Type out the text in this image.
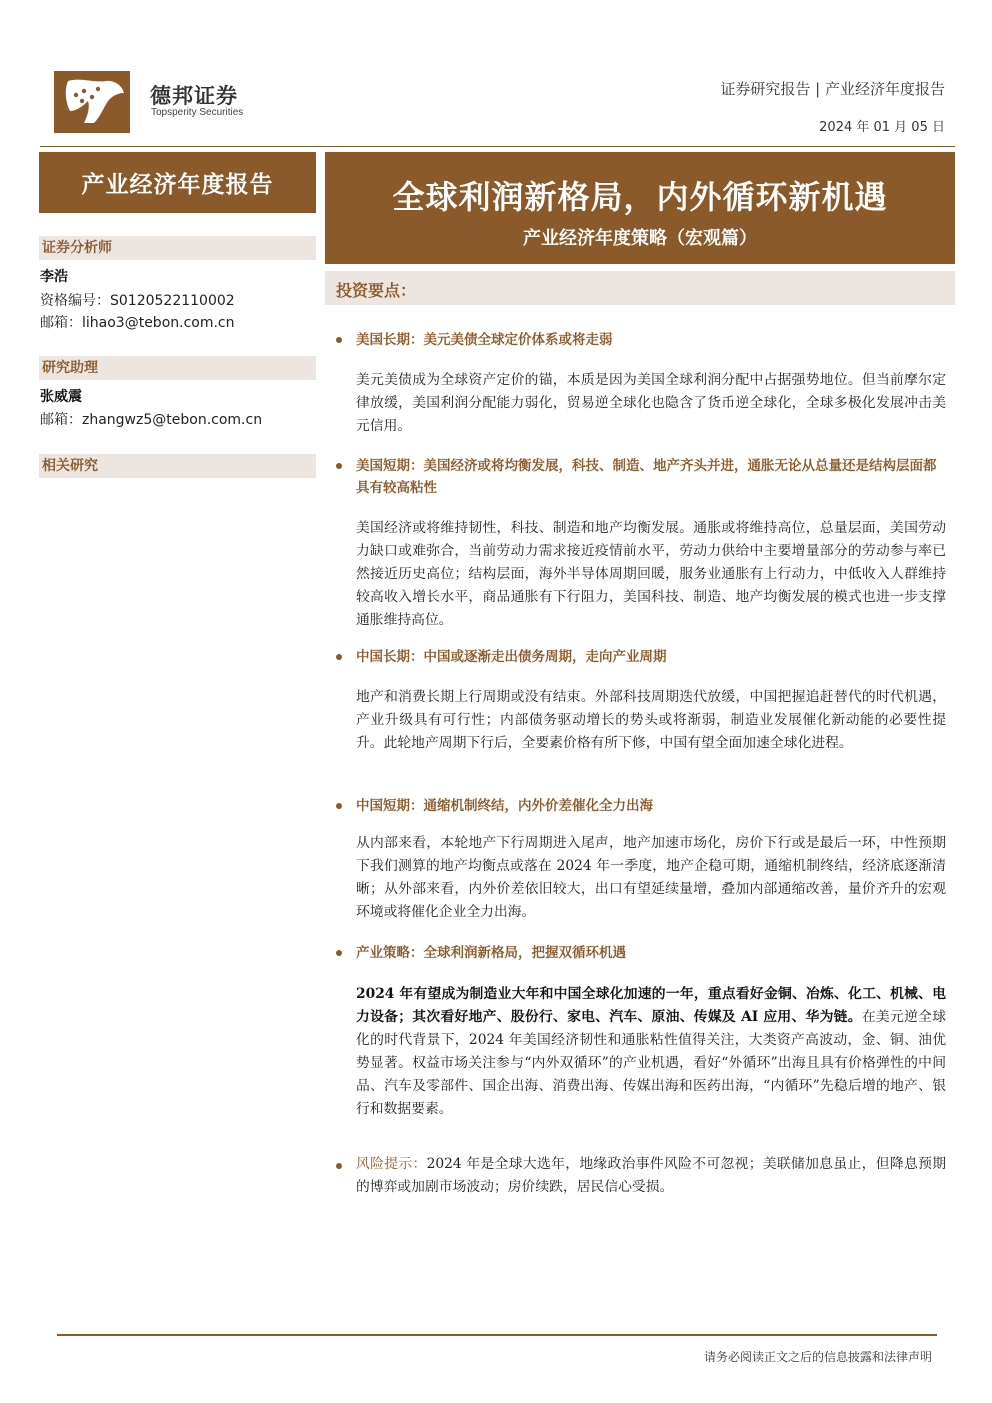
德邦证券
Topsperity Securities
证券研究报告 | 产业经济年度报告
2024 年 01 月 05 日
产业经济年度报告	全球利润新格局，内外循环新机遇
产业经济年度策略（宏观篇）
证券分析师
李浩
资格编号：S0120522110002
邮箱：lihao3@tebon.com.cn
研究助理
张威震
邮箱：zhangwz5@tebon.com.cn
相关研究
投资要点：
美国长期：美元美债全球定价体系或将走弱
美元美债成为全球资产定价的锚，本质是因为美国全球利润分配中占据强势地位。但当前摩尔定律放缓，美国利润分配能力弱化，贸易逆全球化也隐含了货币逆全球化，全球多极化发展冲击美元信用。
美国短期：美国经济或将均衡发展，科技、制造、地产齐头并进，通胀无论从总量还是结构层面都具有较高粘性
美国经济或将维持韧性，科技、制造和地产均衡发展。通胀或将维持高位，总量层面，美国劳动力缺口或难弥合，当前劳动力需求接近疫情前水平，劳动力供给中主要增量部分的劳动参与率已然接近历史高位；结构层面，海外半导体周期回暖，服务业通胀有上行动力，中低收入人群维持较高收入增长水平，商品通胀有下行阻力，美国科技、制造、地产均衡发展的模式也进一步支撑通胀维持高位。
中国长期：中国或逐渐走出债务周期，走向产业周期
地产和消费长期上行周期或没有结束。外部科技周期迭代放缓，中国把握追赶替代的时代机遇，产业升级具有可行性；内部债务驱动增长的势头或将渐弱，制造业发展催化新动能的必要性提升。此轮地产周期下行后，全要素价格有所下修，中国有望全面加速全球化进程。
中国短期：通缩机制终结，内外价差催化全力出海
从内部来看，本轮地产下行周期进入尾声，地产加速市场化，房价下行或是最后一环，中性预期下我们测算的地产均衡点或落在 2024 年一季度，地产企稳可期，通缩机制终结，经济底逐渐清晰；从外部来看，内外价差依旧较大，出口有望延续量增，叠加内部通缩改善，量价齐升的宏观环境或将催化企业全力出海。
产业策略：全球利润新格局，把握双循环机遇
2024 年有望成为制造业大年和中国全球化加速的一年，重点看好金铜、冶炼、化工、机械、电力设备；其次看好地产、股份行、家电、汽车、原油、传媒及 AI 应用、华为链。在美元逆全球化的时代背景下，2024 年美国经济韧性和通胀粘性值得关注，大类资产高波动，金、铜、油优势显著。权益市场关注参与“内外双循环”的产业机遇，看好“外循环”出海且具有价格弹性的中间品、汽车及零部件、国企出海、消费出海、传媒出海和医药出海，“内循环”先稳后增的地产、银行和数据要素。
风险提示：2024 年是全球大选年，地缘政治事件风险不可忽视；美联储加息虽止，但降息预期的博弈或加剧市场波动；房价续跌，居民信心受损。
请务必阅读正文之后的信息披露和法律声明
